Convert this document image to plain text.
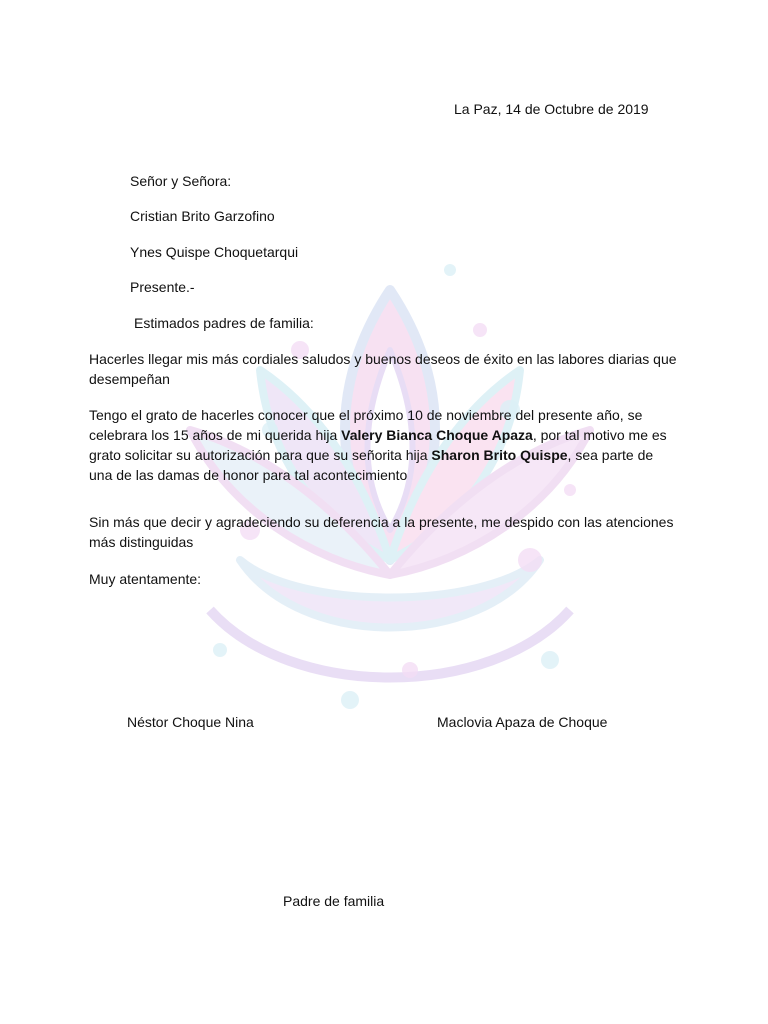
La Paz, 14 de Octubre de 2019
Señor y Señora:
Cristian Brito Garzofino
Ynes Quispe Choquetarqui
Presente.-
Estimados padres de familia:
Hacerles llegar mis más cordiales saludos y buenos deseos de éxito en las labores diarias que desempeñan
Tengo el grato de hacerles conocer que el próximo 10 de noviembre del presente año, se celebrara los 15 años de mi querida hija Valery Bianca Choque Apaza, por tal motivo me es grato solicitar su autorización para que su señorita hija Sharon Brito Quispe, sea parte de una de las damas de honor para tal acontecimiento
Sin más que decir y agradeciendo su deferencia a la presente, me despido con las atenciones más distinguidas
Muy atentamente:
Néstor Choque Nina	Maclovia Apaza de Choque
Padre de familia
